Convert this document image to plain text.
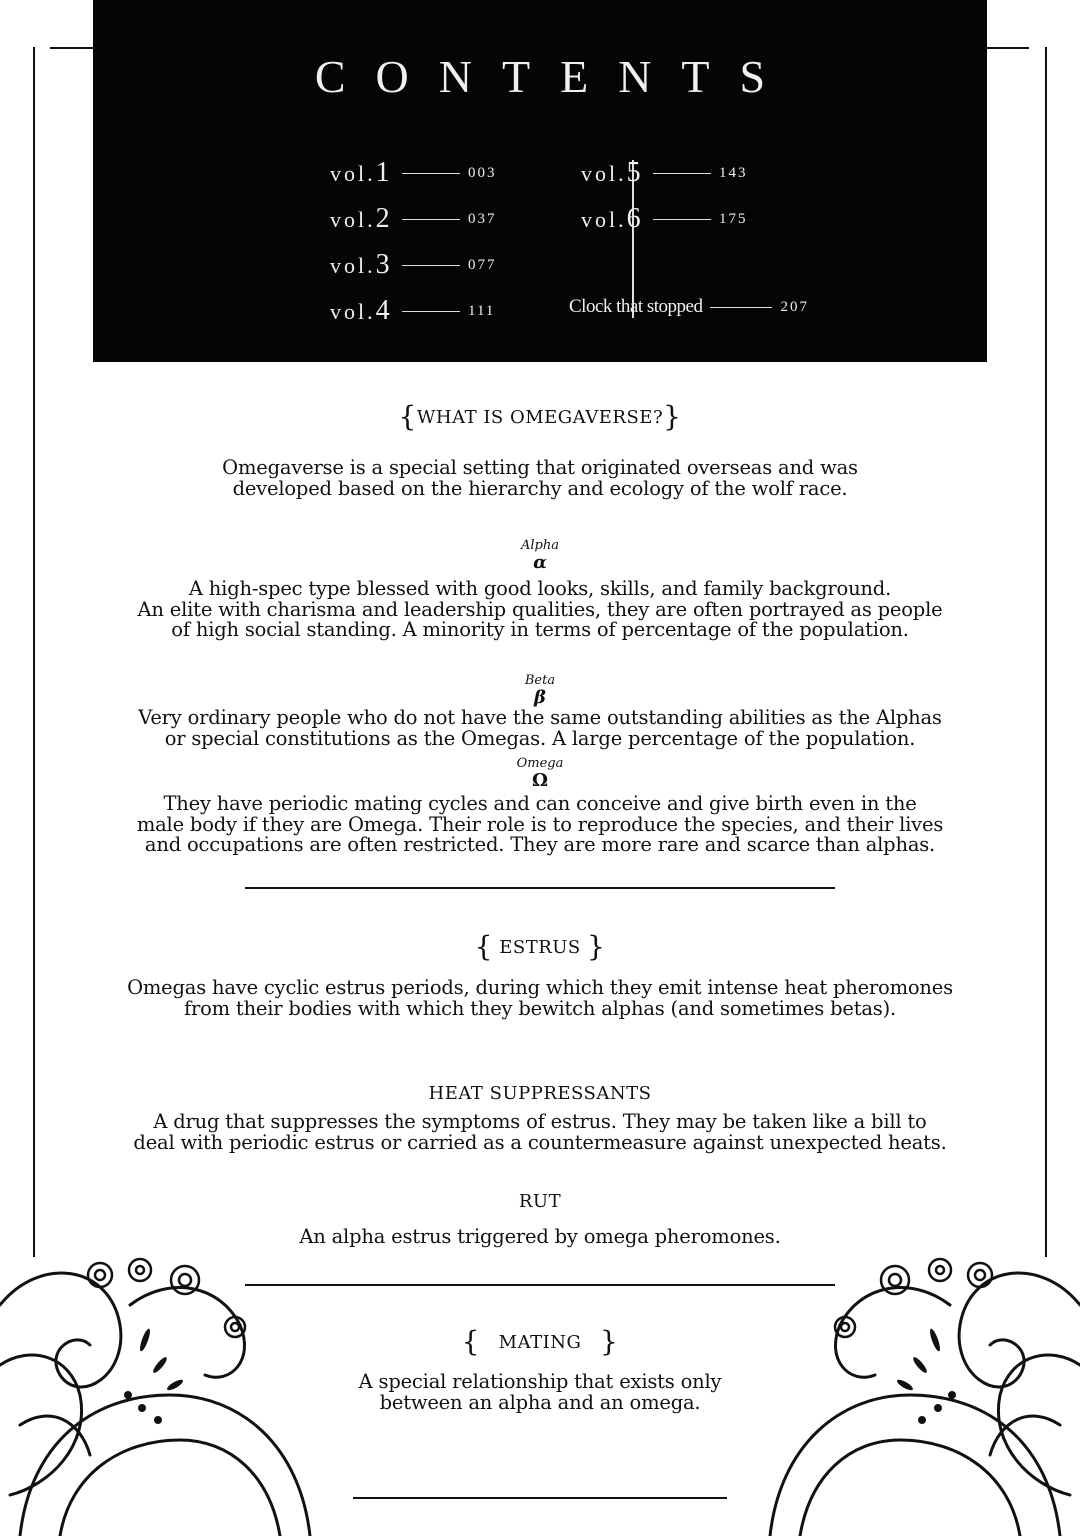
CONTENTS
vol.1	003
vol.2	037
vol.3	077
vol.4	111
vol.5	143
vol.6	175
Clock that stopped	207
{WHAT IS OMEGAVERSE?}
Omegaverse is a special setting that originated overseas and was
developed based on the hierarchy and ecology of the wolf race.
Alpha
α
A high-spec type blessed with good looks, skills, and family background.
An elite with charisma and leadership qualities, they are often portrayed as people
of high social standing. A minority in terms of percentage of the population.
Beta
β
Very ordinary people who do not have the same outstanding abilities as the Alphas
or special constitutions as the Omegas. A large percentage of the population.
Omega
Ω
They have periodic mating cycles and can conceive and give birth even in the
male body if they are Omega. Their role is to reproduce the species, and their lives
and occupations are often restricted. They are more rare and scarce than alphas.
{ ESTRUS }
Omegas have cyclic estrus periods, during which they emit intense heat pheromones
from their bodies with which they bewitch alphas (and sometimes betas).
HEAT SUPPRESSANTS
A drug that suppresses the symptoms of estrus. They may be taken like a bill to
deal with periodic estrus or carried as a countermeasure against unexpected heats.
RUT
An alpha estrus triggered by omega pheromones.
{ MATING }
A special relationship that exists only
between an alpha and an omega.
